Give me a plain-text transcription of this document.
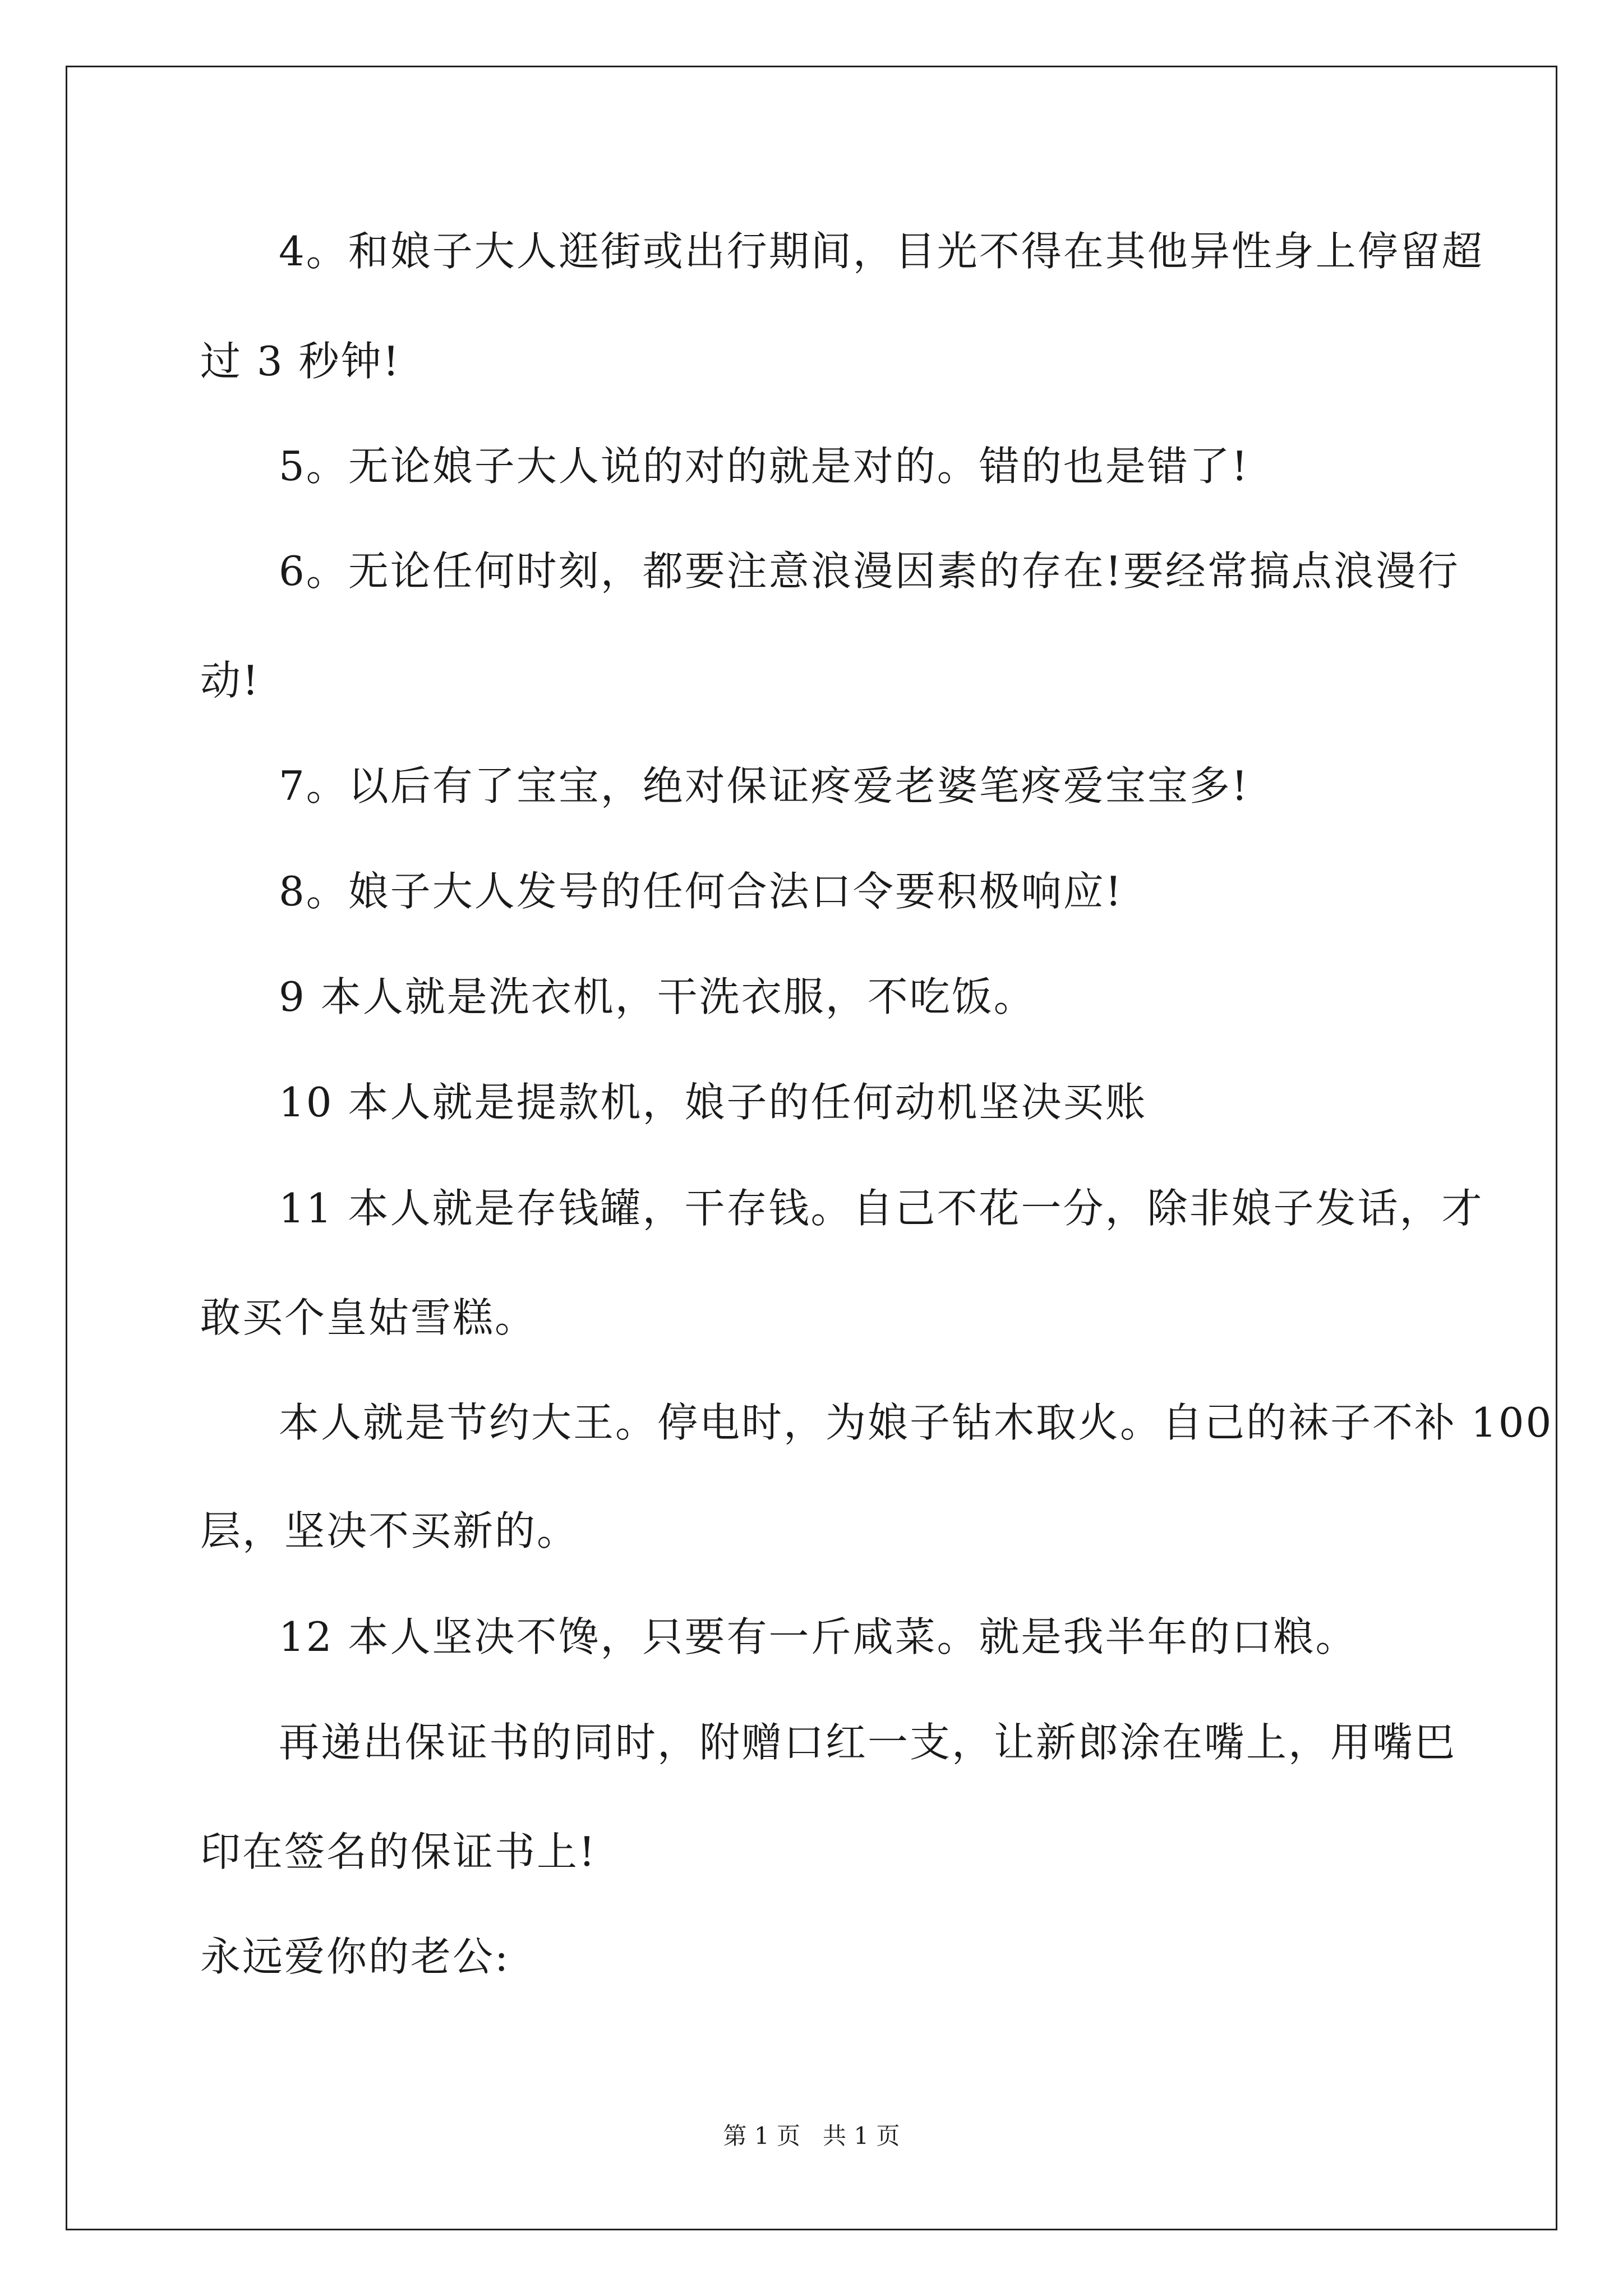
4。和娘子大人逛街或出行期间，目光不得在其他异性身上停留超
过 3 秒钟!
5。无论娘子大人说的对的就是对的。错的也是错了!
6。无论任何时刻，都要注意浪漫因素的存在!要经常搞点浪漫行
动!
7。以后有了宝宝，绝对保证疼爱老婆笔疼爱宝宝多!
8。娘子大人发号的任何合法口令要积极响应!
9 本人就是洗衣机，干洗衣服，不吃饭。
10 本人就是提款机，娘子的任何动机坚决买账
11 本人就是存钱罐，干存钱。自己不花一分，除非娘子发话，才
敢买个皇姑雪糕。
本人就是节约大王。停电时，为娘子钻木取火。自己的袜子不补 100
层，坚决不买新的。
12 本人坚决不馋，只要有一斤咸菜。就是我半年的口粮。
再递出保证书的同时，附赠口红一支，让新郎涂在嘴上，用嘴巴
印在签名的保证书上!
永远爱你的老公:
第 1 页   共 1 页
